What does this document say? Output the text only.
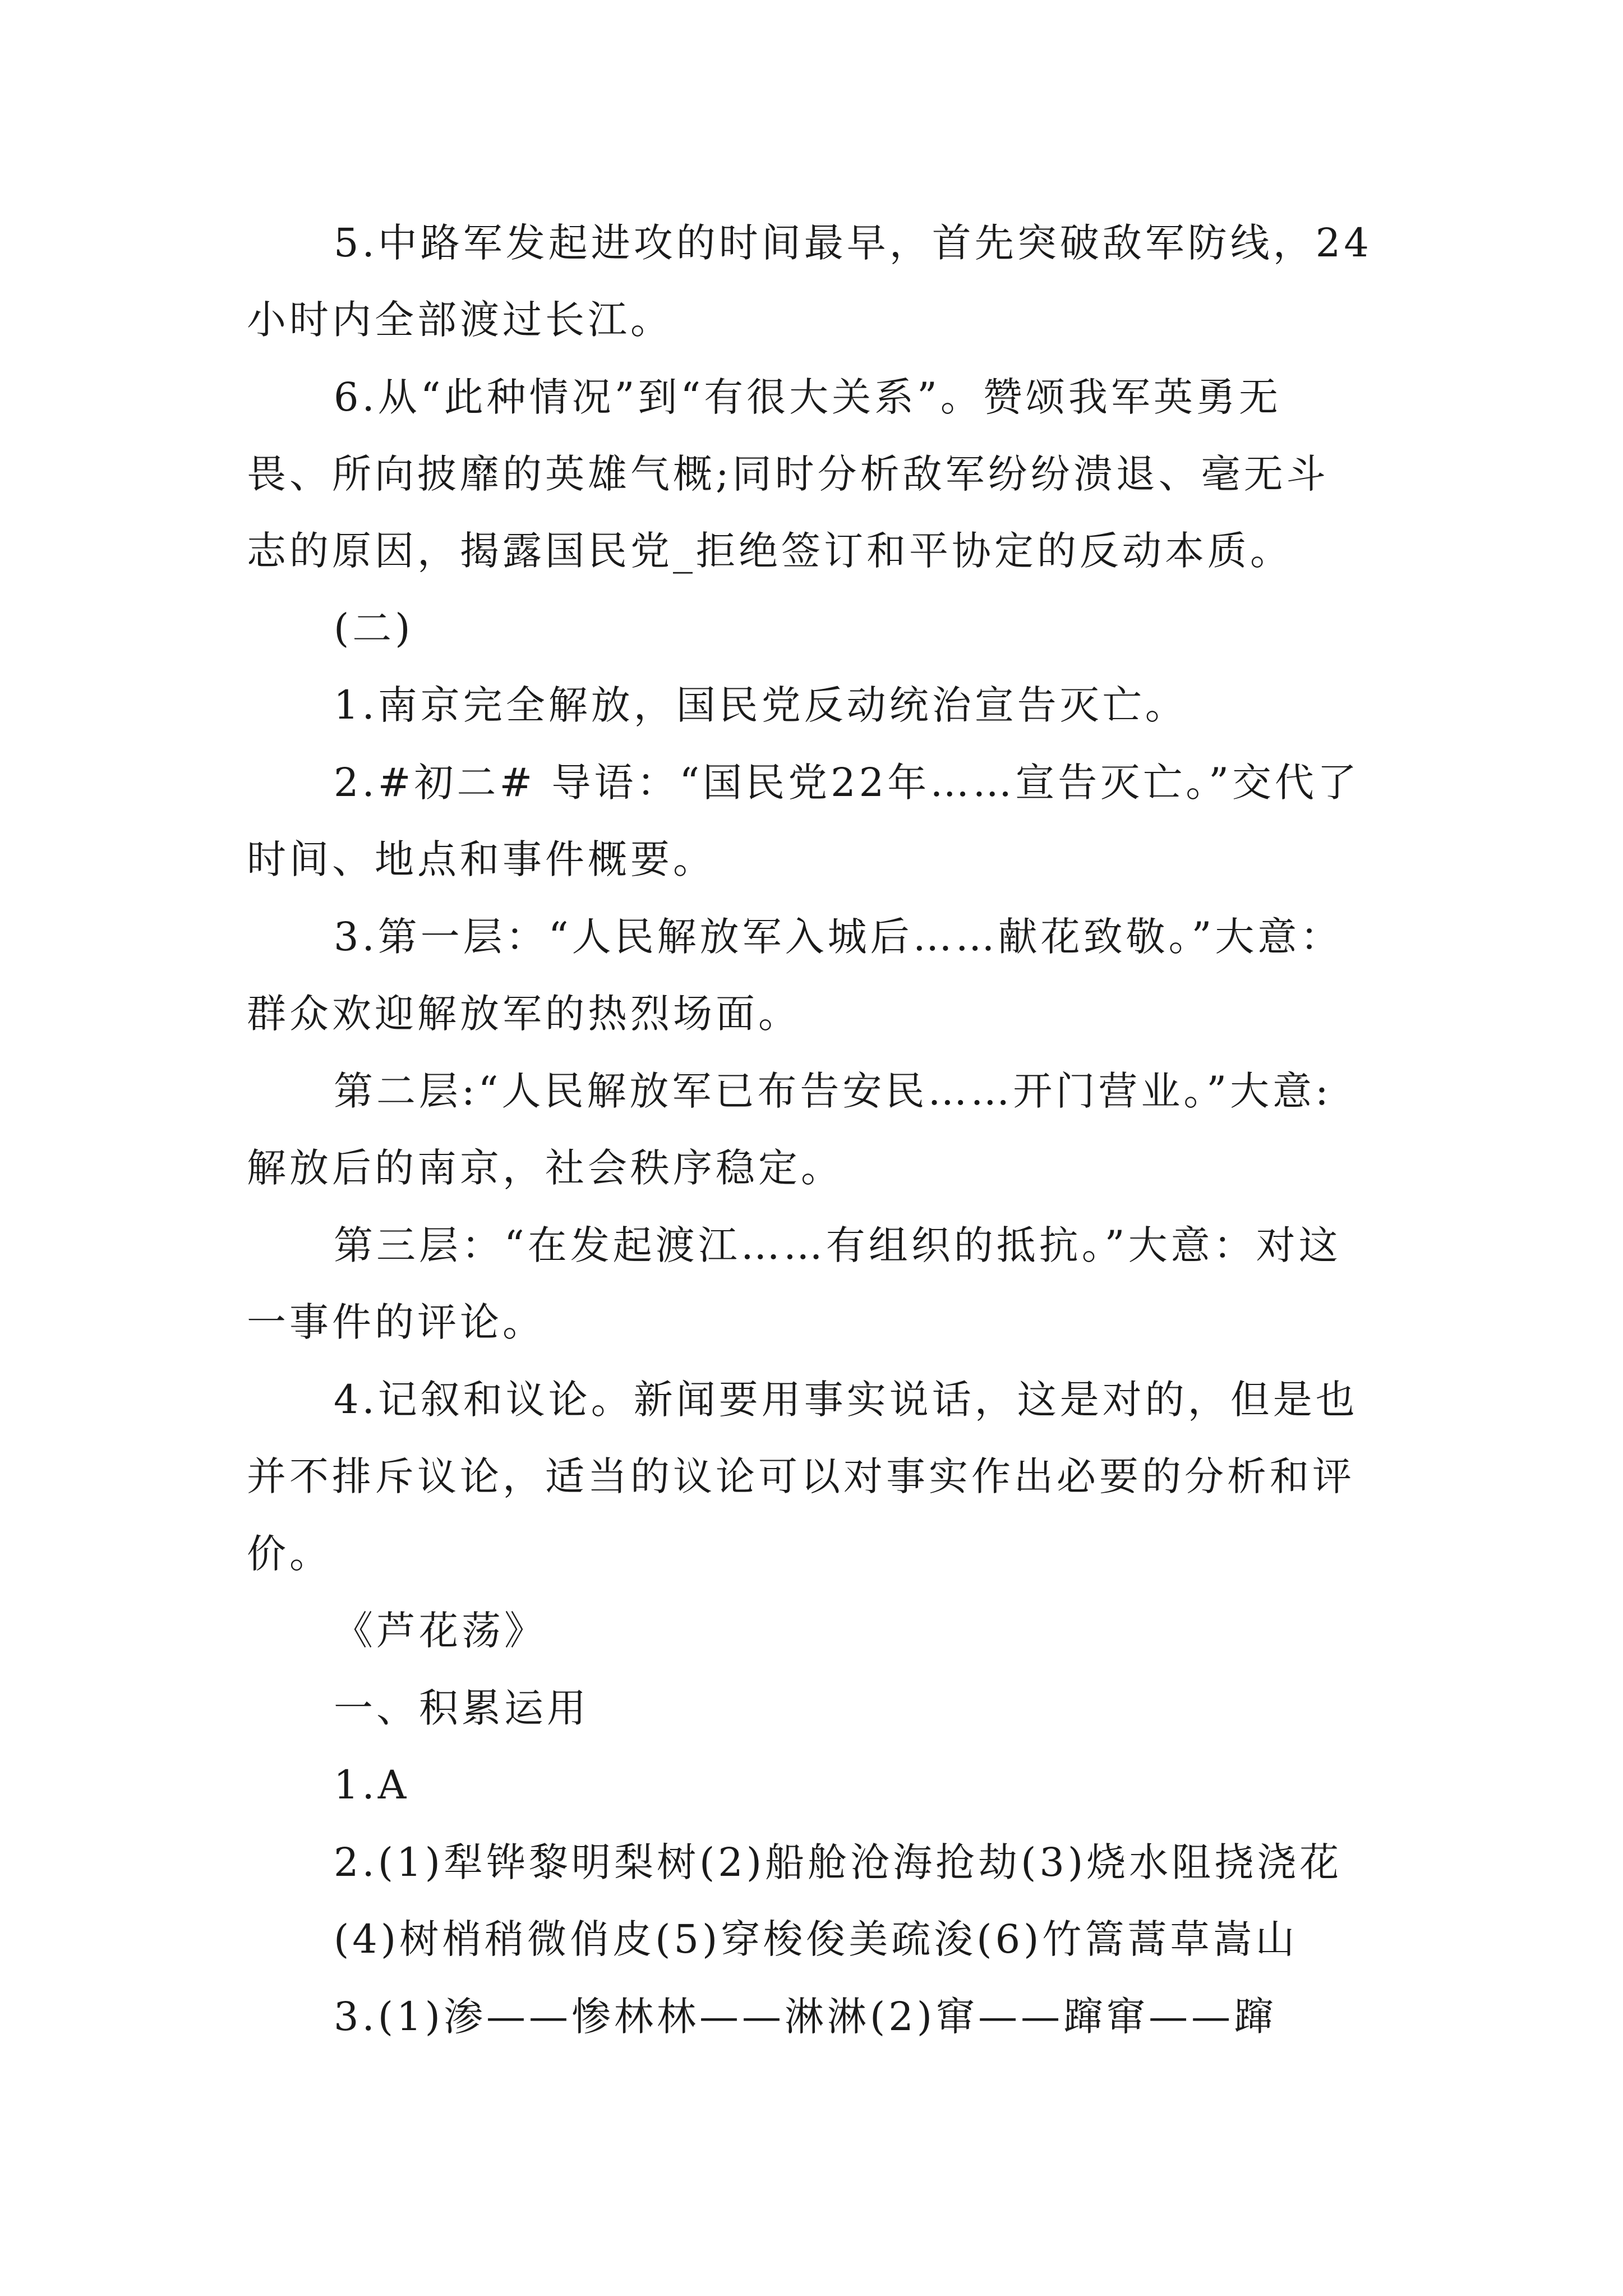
5.中路军发起进攻的时间最早，首先突破敌军防线，24
小时内全部渡过长江。
6.从“此种情况”到“有很大关系”。赞颂我军英勇无
畏、所向披靡的英雄气概;同时分析敌军纷纷溃退、毫无斗
志的原因，揭露国民党_拒绝签订和平协定的反动本质。
(二)
1.南京完全解放，国民党反动统治宣告灭亡。
2.#初二# 导语：“国民党22年……宣告灭亡。”交代了
时间、地点和事件概要。
3.第一层：“人民解放军入城后……献花致敬。”大意：
群众欢迎解放军的热烈场面。
第二层:“人民解放军已布告安民……开门营业。”大意:
解放后的南京，社会秩序稳定。
第三层：“在发起渡江……有组织的抵抗。”大意：对这
一事件的评论。
4.记叙和议论。新闻要用事实说话，这是对的，但是也
并不排斥议论，适当的议论可以对事实作出必要的分析和评
价。
《芦花荡》
一、积累运用
1.A
2.(1)犁铧黎明梨树(2)船舱沧海抢劫(3)烧水阻挠浇花
(4)树梢稍微俏皮(5)穿梭俊美疏浚(6)竹篙蒿草嵩山
3.(1)渗——惨林林——淋淋(2)窜——蹿窜——蹿
